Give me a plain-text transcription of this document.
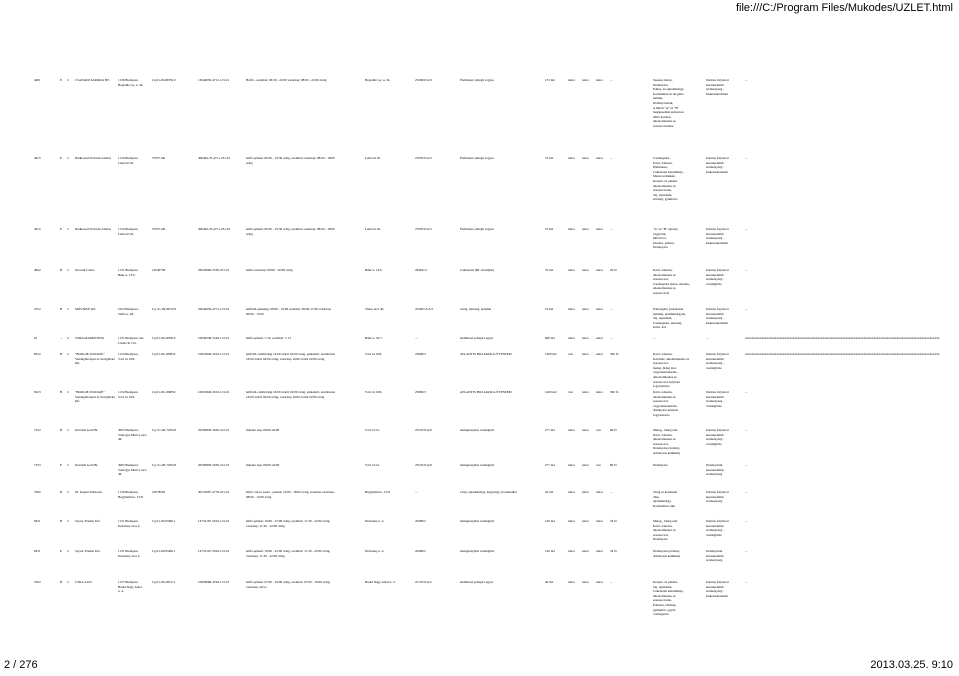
file:///C:/Program Files/Mukodes/UZLET.html
4481	E	2	CSANÁDI SAROKK BT.	1136 Budapest,
Hegedűs Gy. u. 34.
Cg.01-09-867919	13644050-4711-113-01	Hétfő - szombat: 06:30 - 22:00 vasárnap: 08:00 - 22:00 óráig	Hegedűs Gy. u. 34.	25260/0/A/9	Élelmiszer jellegű vegyes	155 m2	nincs	nincs	nincs	...	Szeszes italok,
Dohányáru,
Edény, és ajándéktárgy,
Kozmetikai és drogéria
termék,
Dohányzóáruk,
A hűtött "A" és "B"
megkezelésű szénsavas
üdítő italokat,
alkoholmentes és
szeszes italokat
Italárus folytatott
kereskedelmi
tevékenység -
kiskereskedelem
...
4615	E	2	Rúdkossal Feliczán András	1134 Budapest,
Lehel út 26.
57957146	466464-70-4711-231-01	hétfő-péntek: 06:30 - 19:30 óráig, szombat-vasárnap: 08:00 - 18:00
óráig
Lehel út 26.	27095/0/A/3	Élelmiszer jellegű vegyes	53 m2	nincs	nincs	nincs	...	Csemegeáru,
Kávé, édesáru,
Élelmiszer,
Cukrászati készítmény,
Mézes termékek,
Kenyér- és pékáru,
alkoholmentes és
szeszes italok,
Tej, tejtermék,
zöldség, gyümölcs
Italárus folytatott
kereskedelmi
tevékenység -
kiskereskedelem
...
4615	E	2	Rúdkossal Feliczán András	1134 Budapest,
Lehel út 26.
57957146	466464-70-4711-231-01	hétfő-péntek: 06:30 - 19:30 óráig, szombat-vasárnap: 08:00 - 18:00
óráig
Lehel út 26.	27095/0/A/3	Élelmiszer jellegű vegyes	53 m2	nincs	nincs	nincs	...	"A" és "B" tápszer,
vegyiárut,
hűtött bor,
édesáru, pékáru,
Dohányáru
Italárus folytatott
kereskedelmi
tevékenység -
kiskereskedelem
...
4842	B	2	Oroszik Csaba	1131 Budapest,
Béke u. 13/b.
12049758	29024060-5530-231-01	hétfő-vasárnap: 09:00 - 20:00 óráig	Béke u. 13/b.	26464/11	Cukrászda (Bf. szerűlyik)	70 m2	nincs	nincs	nincs	20 fő	Kávé, édesáru,
alkoholmentes és
szeszes ital,
Csemegeáru (kávé, édesáru,
alkoholmentes és
szeszes ital)
Italárus folytatott
kereskedelmi
tevékenység -
vendéglátás
...
2552	B	2	MÓVIRSÜ Kft.	1024 Budapest,
Szilfa u. 46.
Cg. 01-09-867472	26042956-4751-113-01	hétfőtől-péntekig: 08:00 - 19:00 szombat: 09:00-17:00 vasárnap:
09:00 - 15:00
Tüzes utca 40.	25260/15/A/5	vetőg, édesség, ajándék	19 m2	nincs	nincs	nincs	...	Édességáru (cukrászati
termék), ajándéktárgyak,
Tej, tejtermék,
Csemegeáru, édesség,
Kávé, ital
Italárus folytatott
kereskedelmi
tevékenység -
kiskereskedelem
...
61	...	4	VIMA MARKETING	1131 Budapest, Szt.
László út 152.
Cg.01-09-265919	10846538-5549-113-01	hétfő-péntek: 7-19, szombat: 7-13	Béke u. 32/7.	...	élelmiszer jellegű vegyes	600 m2	nincs	nincs	nincs	...	...	...	xxxxxxxxxxxxxxxxxxxxxxxxxxxxxxxxxxxxxxxxxxxxxxxxxxxxxxxxxxxxxxxxxxxxxxxxxxxxxxxxxxxxxxxxxxxxxxxxxxxxxxxxxxxxxxxxxxxxxx
8222	B	2	"BOOGIE-WOOGIE"
Vendéglátóipari és Szolgáltató
Kft.
1134 Budapest,
Váci út 19/6.
Cg.01-09-160832	10619649-5610-113-01	hétfőtől-csütörtökig 16:00 óráról 02:00 óráig, péntektől, szombaton
16:00 óráról 04:00 óráig, vasárnap 16:00 órától 02:00 óráig
Váci út 19/6.	25890/3	ATLANTIS BILLIARD és ÉTTEREM	1400 m2	van	nincs	nincs	300 fő	Kávé, édesáru,
Kávéház, alkoholmentes és
szeszes ital,
meleg, hideg étel,
vegyeskereskedés,
Alkoholmentes és
szeszes ital, helyben
fogyasztásra
Italárus folytatott
kereskedelmi
tevékenység -
vendéglátás
xxxxxxxxxxxxxxxxxxxxxxxxxxxxxxxxxxxxxxxxxxxxxxxxxxxxxxxxxxxxxxxxxxxxxxxxxxxxxxxxxxxxxxxxxxxxxxxxxxxxxxxxxxxxxxxxxxxxxx
8223	B	2	"BOOGIE-WOOGIE"
Vendéglátóipari és Szolgáltató
Kft.
1134 Budapest,
Váci út 19/6.
Cg.01-09-160832	10619649-5610-113-01	hétfőtől-csütörtökig 16:00 óráról 02:00 óráig, péntektől, szombaton
16:00 óráról 04:00 óráig, vasárnap 16:00 órától 02:00 óráig
Váci út 19/6.	25890/3	ATLANTIS BILLIARD és ÉTTEREM	1400 m2	van	nincs	nincs	300 fő	Kávé, édesáru,
alkoholmentes és
szeszes ital,
vegyeskereskedés,
dohányáru helyben
fogyasztásra
Italárus folytatott
kereskedelmi
tevékenység -
vendéglátás
...
7332	B	2	Kőröndi Gold Bt.	3065 Budapest,
Somogyi Móricz utca
46.
Cg. 01-06-729523	20599839-5630-212-01	minden nap: 06:00-24:00	Váci út 54.	25525/0/A/8	melegkonyhás vendéglátó	277 m2	nincs	nincs	van	80 fő	Meleg-, hideg étel,
Kávé, édesáru,
alkoholmentes és
szeszes ital,
Dohányáru (dohány,
dohányzás kellékek)
Italárus folytatott
kereskedelmi
tevékenység -
vendéglátás
...
7333	E	2	Kőröndi Gold Bt.	3065 Budapest,
Somogyi Móricz utca
46.
Cg. 01-06-729523	20599839-5630-212-01	minden nap: 06:00-24:00	Váci út 54.	25525/0/A/8	melegkonyhás vendéglátó	277 m2	nincs	nincs	van	80 fő	Dohányáru	Dohányáruk
kereskedelmi
tevékenység
...
7982	B	2	Dr. Kapisi Sándorné	1136 Budapest,
Hegyhalmi u. 15/8.
10078292	40722697-4778-231-01	hétfő: zárva, kedd - péntek: 10:00 - 18:00 óráig, szombat-vasárnap:
08:00 - 12:00 óráig
Hegyhalmi u. 15/8.	...	virág, ajándéktárgy, kegytárgy, Kozmetikai	20 m2	nincs	nincs	nincs	...	Virág és kertészeti
cikk,
Ajándéktárgy,
Kozmetikai cikk
Italárus folytatott
kereskedelmi
tevékenység
...
8221	B	2	Sayrac Premer Kft.	1131 Budapest,
Dobsinay utca 4.
Cg.01-09-959611	14752167-5610-113-01	hétfő-péntek: 10:00 - 22:00 óráig, szombat: 11:30 - 22:00 óráig,
vasárnap: 11:30 - 22:00 óráig
Dobsinay u. 4.	26480/2	melegkonyhás vendéglátó	120 m2	nincs	nincs	nincs	34 fő	Meleg-, hideg étel,
Kávé, édesáru,
alkoholmentes és
szeszes ital,
Dohányáru
Italárus folytatott
kereskedelmi
tevékenység -
vendéglátás
...
8231	E	2	Sayrac Premer Kft.	1131 Budapest,
Dobsinay utca 4.
Cg.01-09-959611	14752167-5610-113-01	hétfő-péntek: 10:00 - 22:00 óráig, szombat: 11:30 - 22:00 óráig,
vasárnap: 11:30 - 22:00 óráig
Dobsinay u. 4.	26480/2	melegkonyhás vendéglátó	120 m2	nincs	nincs	nincs	34 fő	Dohányáru (dohány,
dohányzás kellékek)
Dohányáruk
kereskedelmi
tevékenység
...
5502	B	2	CSILLA Kft.	1137 Budapest,
Budai Nagy Antal
u. 4.
Cg.01-09-283171	10858068-4799-113-01	hétfő-péntek: 07:00 - 19:00 óráig, szombat: 07:00 - 16:00 óráig,
vasárnap: zárva
Budai Nagy Antal u. 4.	25135/0/A/2	élelmiszer jellegű vegyes	40 m2	nincs	nincs	nincs	...	Kenyér- és pékáru,
Tej, tejtermék,
Cukrászati készítmény,
alkoholmentes és
szeszes italok,
Édesáru, zöldség,
gyümölcs, egyéb
csemegeáru
Italárus folytatott
kereskedelmi
tevékenység -
kiskereskedelem
...
2 / 276	2013.03.25. 9:10
